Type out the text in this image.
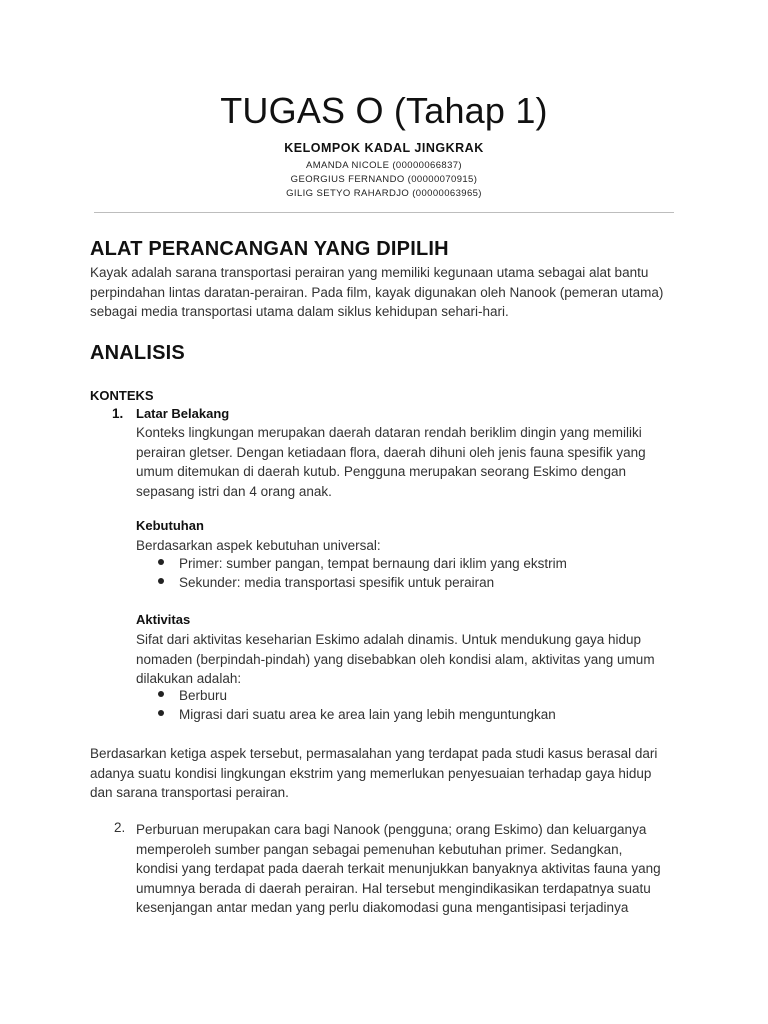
TUGAS O (Tahap 1)
KELOMPOK KADAL JINGKRAK
AMANDA NICOLE (00000066837)
GEORGIUS FERNANDO (00000070915)
GILIG SETYO RAHARDJO (00000063965)
ALAT PERANCANGAN YANG DIPILIH
Kayak adalah sarana transportasi perairan yang memiliki kegunaan utama sebagai alat bantu
perpindahan lintas daratan-perairan. Pada film, kayak digunakan oleh Nanook (pemeran utama)
sebagai media transportasi utama dalam siklus kehidupan sehari-hari.
ANALISIS
KONTEKS
1. Latar Belakang
Konteks lingkungan merupakan daerah dataran rendah beriklim dingin yang memiliki
perairan gletser. Dengan ketiadaan flora, daerah dihuni oleh jenis fauna spesifik yang
umum ditemukan di daerah kutub. Pengguna merupakan seorang Eskimo dengan
sepasang istri dan 4 orang anak.
Kebutuhan
Berdasarkan aspek kebutuhan universal:
Primer: sumber pangan, tempat bernaung dari iklim yang ekstrim
Sekunder: media transportasi spesifik untuk perairan
Aktivitas
Sifat dari aktivitas keseharian Eskimo adalah dinamis. Untuk mendukung gaya hidup
nomaden (berpindah-pindah) yang disebabkan oleh kondisi alam, aktivitas yang umum
dilakukan adalah:
Berburu
Migrasi dari suatu area ke area lain yang lebih menguntungkan
Berdasarkan ketiga aspek tersebut, permasalahan yang terdapat pada studi kasus berasal dari
adanya suatu kondisi lingkungan ekstrim yang memerlukan penyesuaian terhadap gaya hidup
dan sarana transportasi perairan.
2. Perburuan merupakan cara bagi Nanook (pengguna; orang Eskimo) dan keluarganya
memperoleh sumber pangan sebagai pemenuhan kebutuhan primer. Sedangkan,
kondisi yang terdapat pada daerah terkait menunjukkan banyaknya aktivitas fauna yang
umumnya berada di daerah perairan. Hal tersebut mengindikasikan terdapatnya suatu
kesenjangan antar medan yang perlu diakomodasi guna mengantisipasi terjadinya
